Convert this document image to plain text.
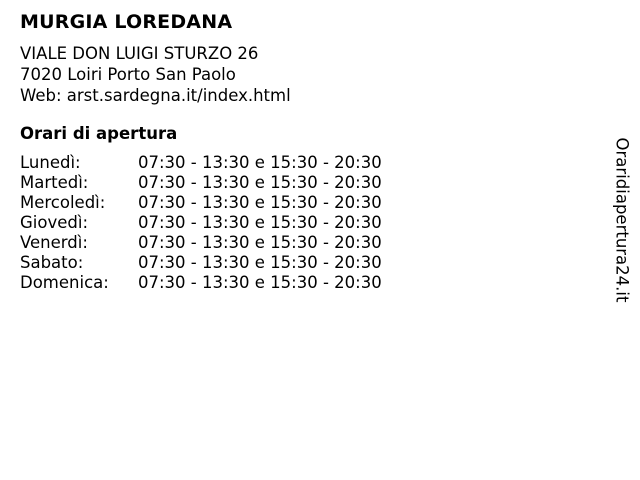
MURGIA LOREDANA
VIALE DON LUIGI STURZO 26
7020 Loiri Porto San Paolo
Web: arst.sardegna.it/index.html
Orari di apertura
Lunedì:	07:30 - 13:30 e 15:30 - 20:30
Martedì:	07:30 - 13:30 e 15:30 - 20:30
Mercoledì:	07:30 - 13:30 e 15:30 - 20:30
Giovedì:	07:30 - 13:30 e 15:30 - 20:30
Venerdì:	07:30 - 13:30 e 15:30 - 20:30
Sabato:	07:30 - 13:30 e 15:30 - 20:30
Domenica:	07:30 - 13:30 e 15:30 - 20:30	Oraridiapertura24.it
